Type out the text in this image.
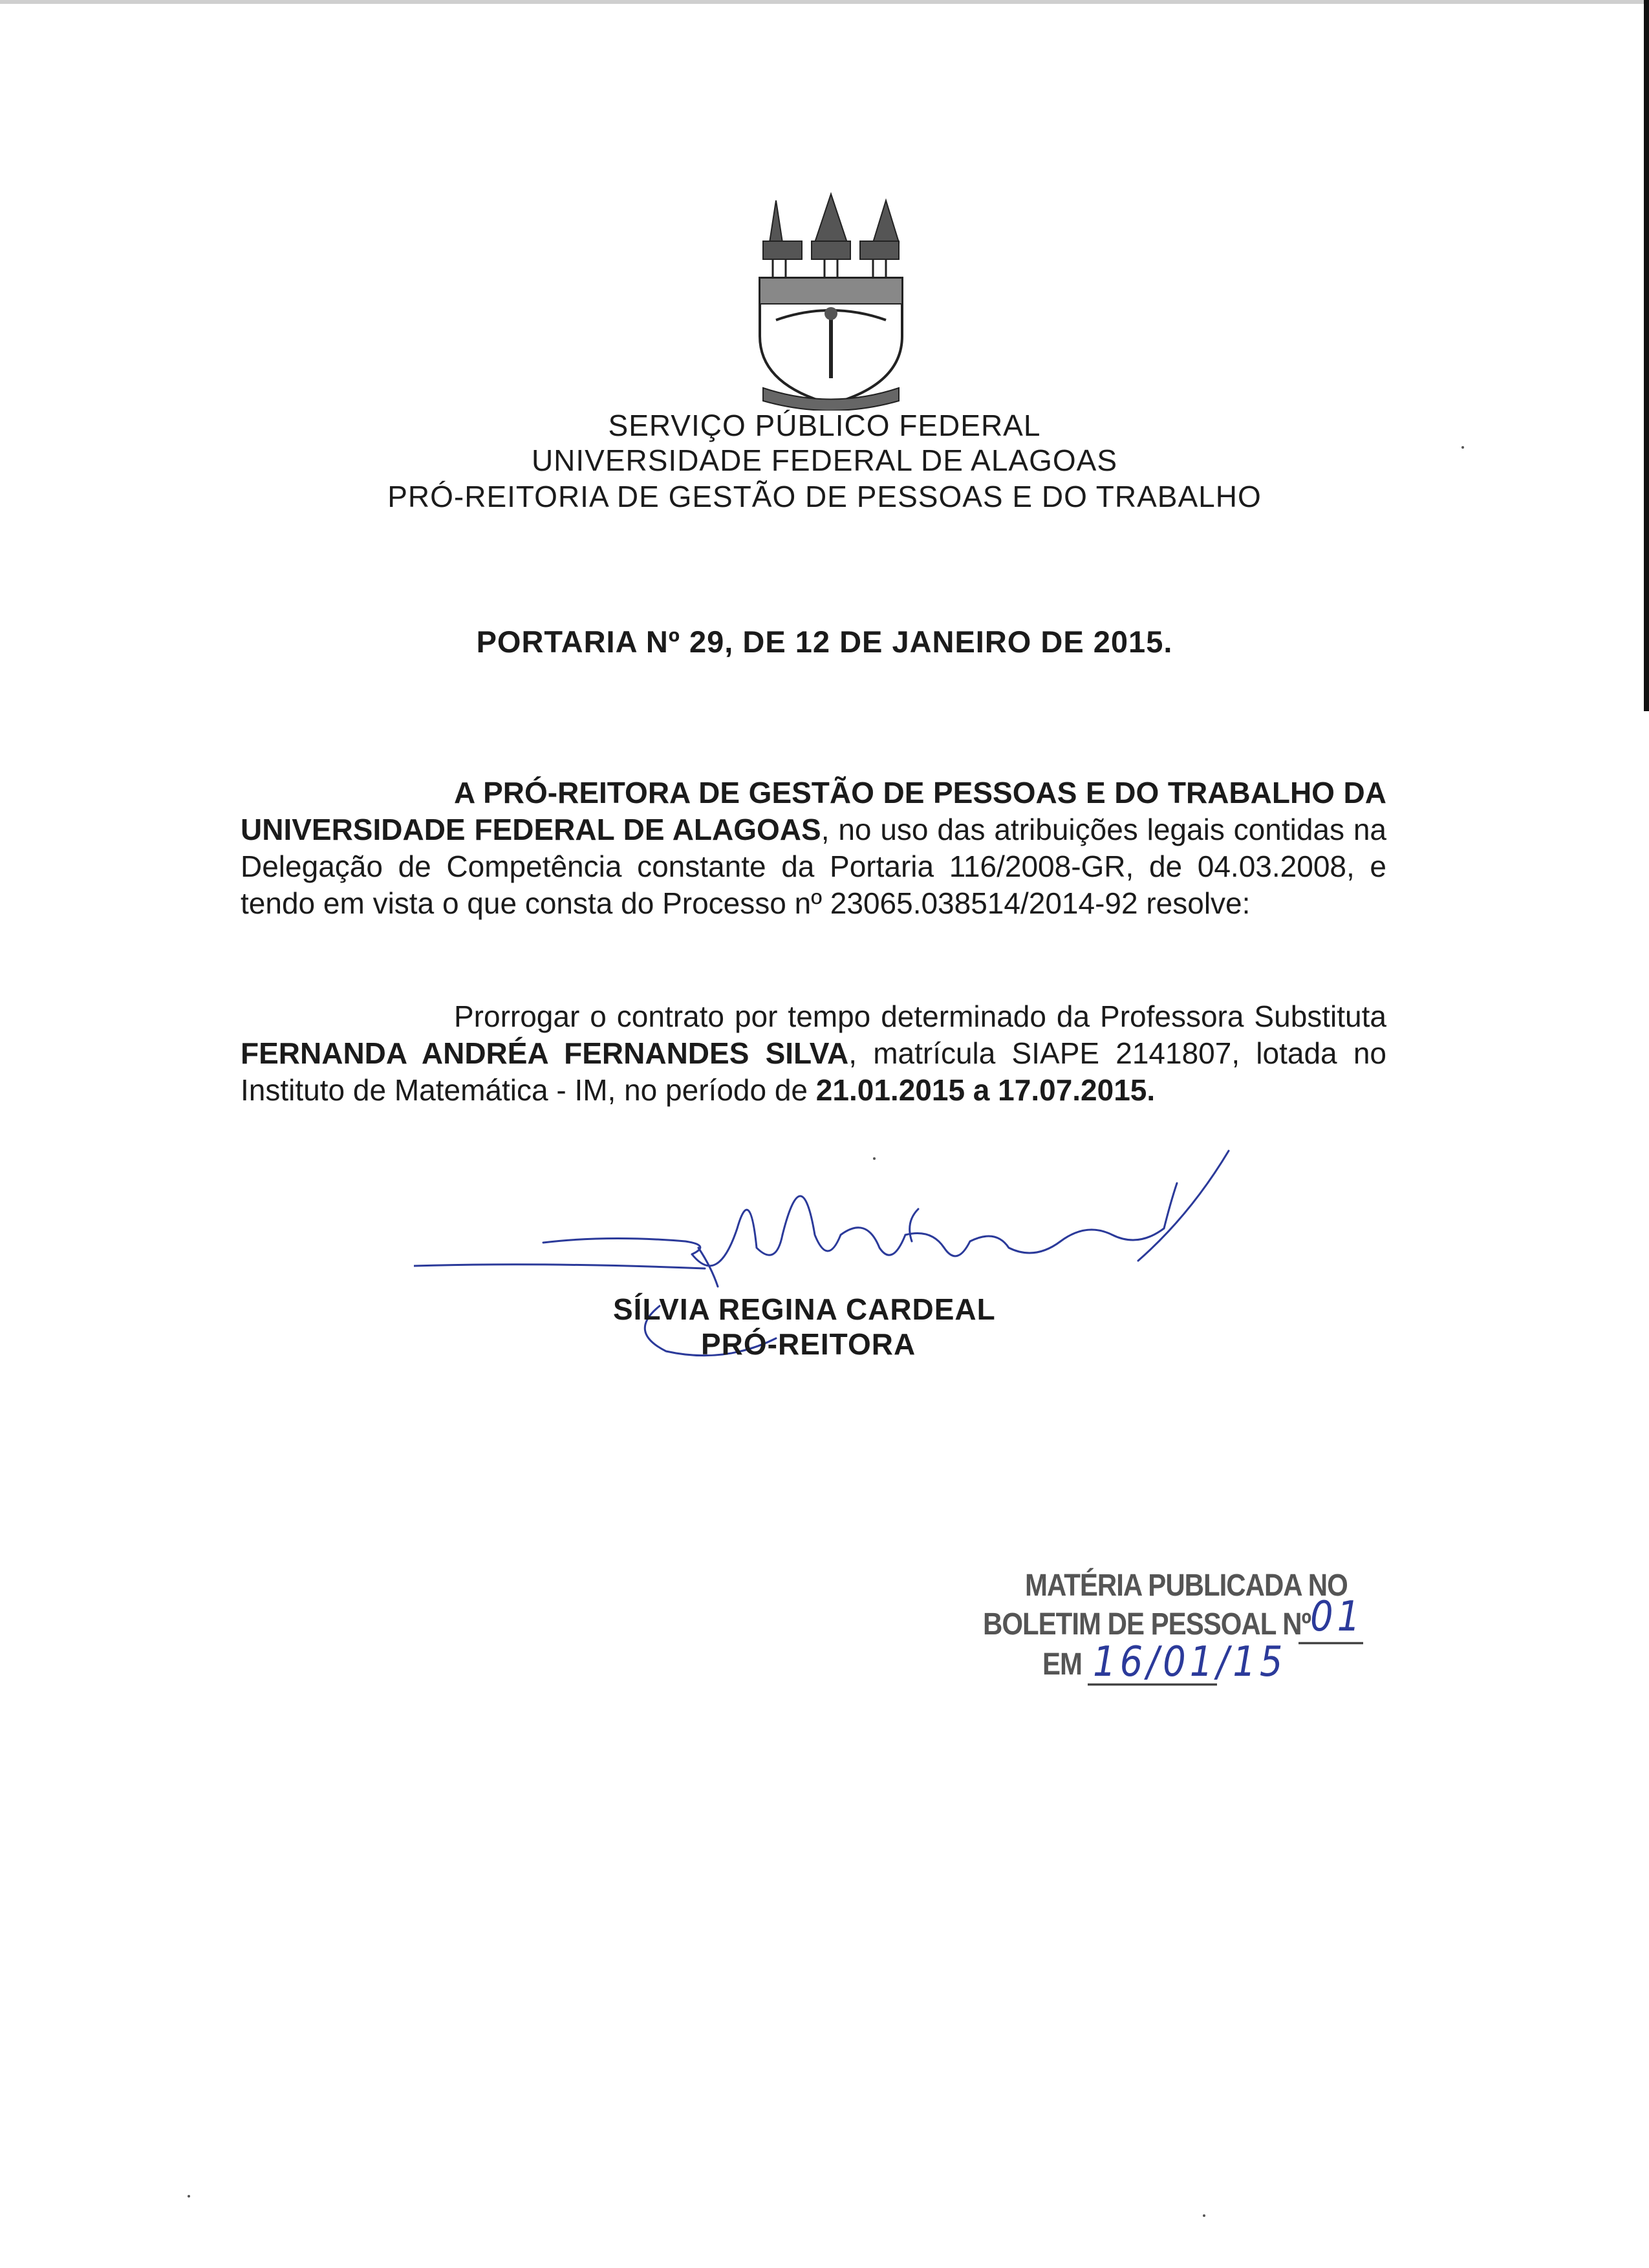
SERVIÇO PÚBLICO FEDERAL
UNIVERSIDADE FEDERAL DE ALAGOAS
PRÓ-REITORIA DE GESTÃO DE PESSOAS E DO TRABALHO
PORTARIA Nº 29, DE 12 DE JANEIRO DE 2015.
A PRÓ-REITORA DE GESTÃO DE PESSOAS E DO TRABALHO DA UNIVERSIDADE FEDERAL DE ALAGOAS, no uso das atribuições legais contidas na Delegação de Competência constante da Portaria 116/2008-GR, de 04.03.2008, e tendo em vista o que consta do Processo nº 23065.038514/2014-92 resolve:
Prorrogar o contrato por tempo determinado da Professora Substituta FERNANDA ANDRÉA FERNANDES SILVA, matrícula SIAPE 2141807, lotada no Instituto de Matemática - IM, no período de 21.01.2015 a 17.07.2015.
SÍLVIA REGINA CARDEAL
PRÓ-REITORA
MATÉRIA PUBLICADA NO
BOLETIM DE PESSOAL Nº
EM
01
16/01/15
